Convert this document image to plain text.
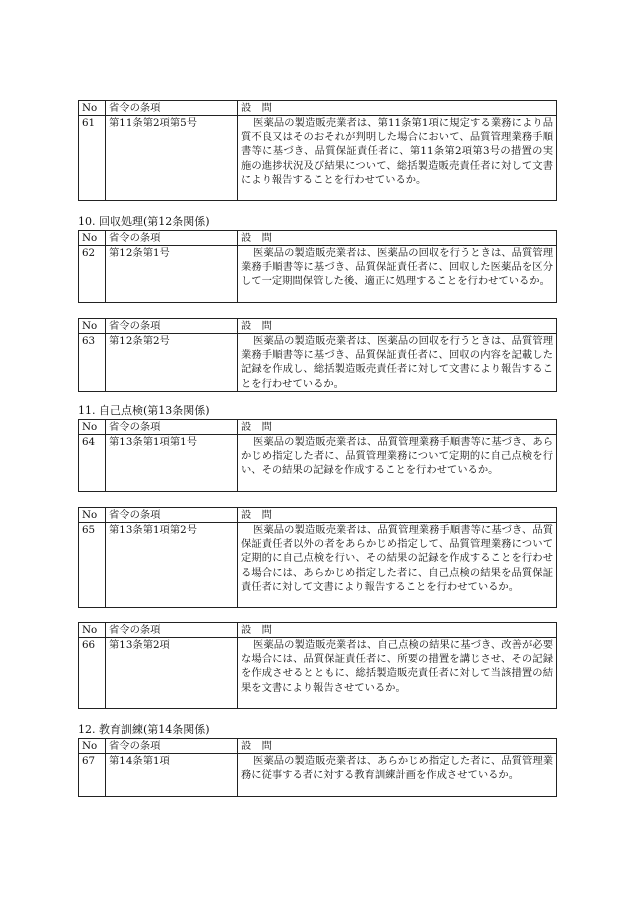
No	省令の条項	設　問
61	第11条第2項第5号	医薬品の製造販売業者は、第11条第1項に規定する業務により品質不良又はそのおそれが判明した場合において、品質管理業務手順書等に基づき、品質保証責任者に、第11条第2項第3号の措置の実施の進捗状況及び結果について、総括製造販売責任者に対して文書により報告することを行わせているか。
10. 回収処理(第12条関係)
No	省令の条項	設　問
62	第12条第1号	医薬品の製造販売業者は、医薬品の回収を行うときは、品質管理業務手順書等に基づき、品質保証責任者に、回収した医薬品を区分して一定期間保管した後、適正に処理することを行わせているか。
No	省令の条項	設　問
63	第12条第2号	医薬品の製造販売業者は、医薬品の回収を行うときは、品質管理業務手順書等に基づき、品質保証責任者に、回収の内容を記載した記録を作成し、総括製造販売責任者に対して文書により報告することを行わせているか。
11. 自己点検(第13条関係)
No	省令の条項	設　問
64	第13条第1項第1号	医薬品の製造販売業者は、品質管理業務手順書等に基づき、あらかじめ指定した者に、品質管理業務について定期的に自己点検を行い、その結果の記録を作成することを行わせているか。
No	省令の条項	設　問
65	第13条第1項第2号	医薬品の製造販売業者は、品質管理業務手順書等に基づき、品質保証責任者以外の者をあらかじめ指定して、品質管理業務について定期的に自己点検を行い、その結果の記録を作成することを行わせる場合には、あらかじめ指定した者に、自己点検の結果を品質保証責任者に対して文書により報告することを行わせているか。
No	省令の条項	設　問
66	第13条第2項	医薬品の製造販売業者は、自己点検の結果に基づき、改善が必要な場合には、品質保証責任者に、所要の措置を講じさせ、その記録を作成させるとともに、総括製造販売責任者に対して当該措置の結果を文書により報告させているか。
12. 教育訓練(第14条関係)
No	省令の条項	設　問
67	第14条第1項	医薬品の製造販売業者は、あらかじめ指定した者に、品質管理業務に従事する者に対する教育訓練計画を作成させているか。
